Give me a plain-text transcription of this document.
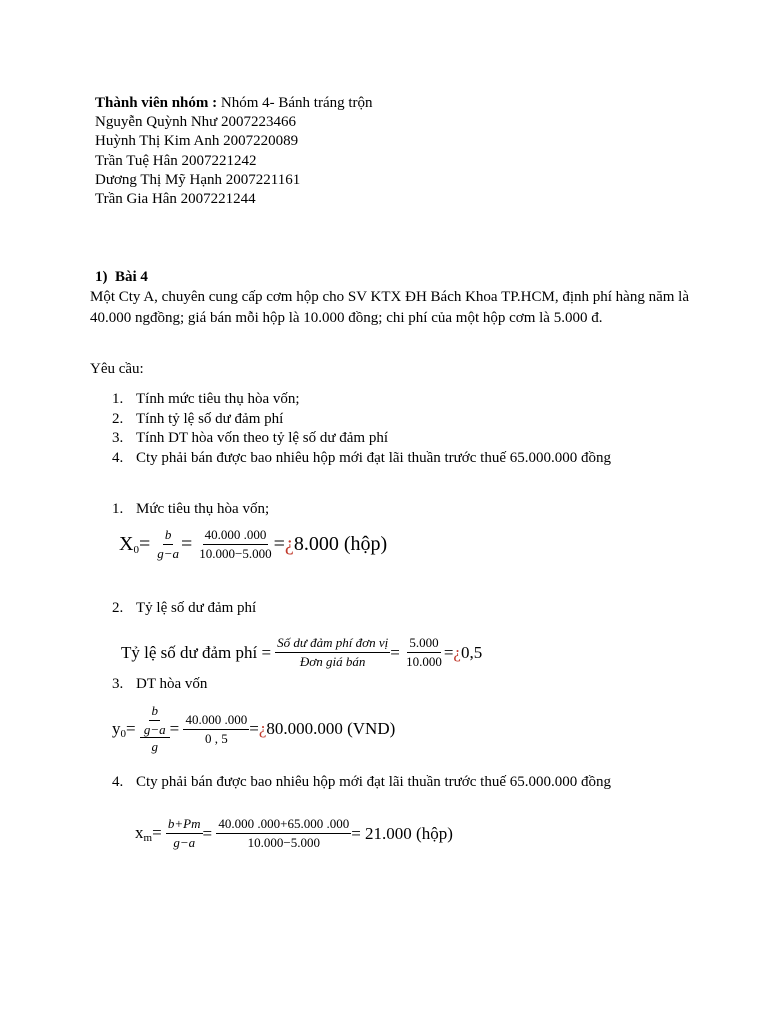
Thành viên nhóm : Nhóm 4- Bánh tráng trộn
Nguyễn Quỳnh Như 2007223466
Huỳnh Thị Kim Anh 2007220089
Trần Tuệ Hân 2007221242
Dương Thị Mỹ Hạnh 2007221161
Trần Gia Hân 2007221244
1) Bài 4
Một Cty A, chuyên cung cấp cơm hộp cho SV KTX ĐH Bách Khoa TP.HCM, định phí hàng năm là 40.000 ngđồng; giá bán mỗi hộp là 10.000 đồng; chi phí của một hộp cơm là 5.000 đ.
Yêu cầu:
1. Tính mức tiêu thụ hòa vốn;
2. Tính tỷ lệ số dư đảm phí
3. Tính DT hòa vốn theo tỷ lệ số dư đảm phí
4. Cty phải bán được bao nhiêu hộp mới đạt lãi thuần trước thuế 65.000.000 đồng
1. Mức tiêu thụ hòa vốn;
$X_0= \frac{b}{g-a} = \frac{40.000 .000}{10.000-5.000}$ = ¿ 8.000 (hộp)
2. Tỷ lệ số dư đảm phí
Tỷ lệ số dư đảm phí =
$\frac{\text{Số dư đảm phí đơn vị}}{\text{Đơn giá bán}} = \frac{5.000}{10.000}$ = ¿ 0,5
3. DT hòa vốn
$y_0= \frac{\frac{b}{g-a}}{g} = \frac{40.000 .000}{0 , 5}$ = ¿ 80.000.000 (VND)
4. Cty phải bán được bao nhiêu hộp mới đạt lãi thuần trước thuế 65.000.000 đồng
$x_m= \frac{b+Pm}{g-a} = \frac{40.000 .000+65.000 .000}{10.000-5.000} = 21.000$ (hộp)
